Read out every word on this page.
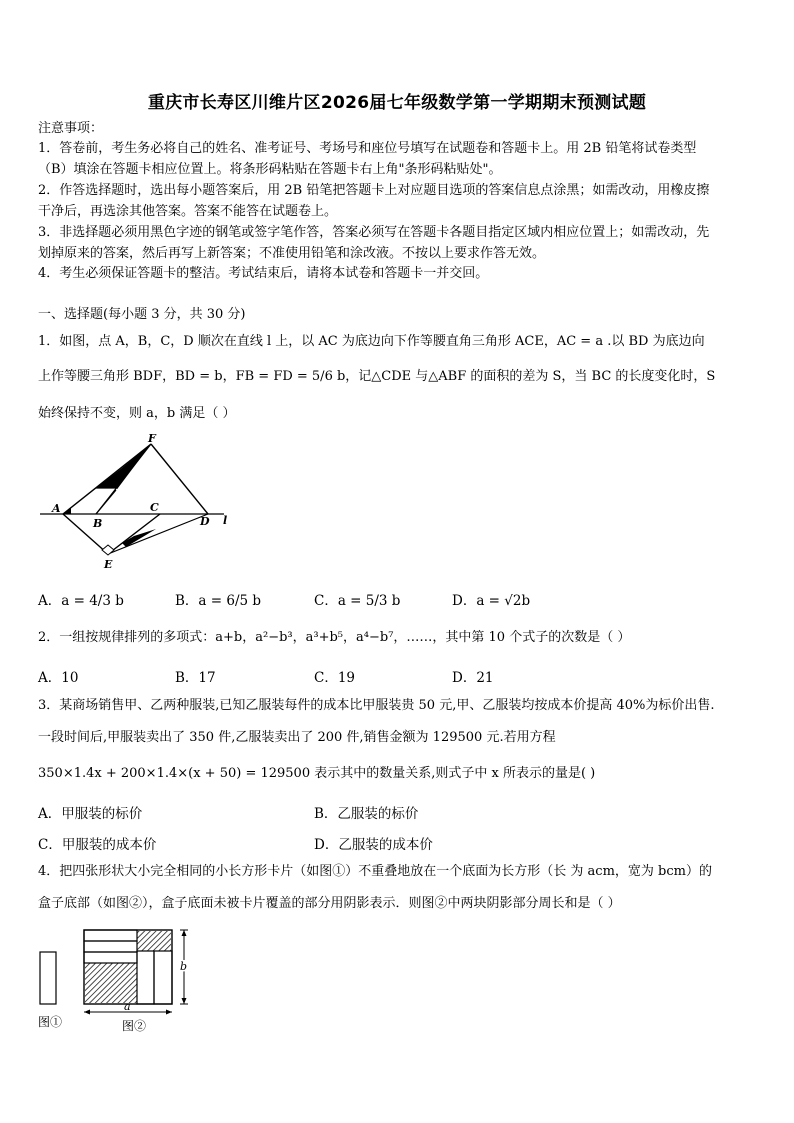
重庆市长寿区川维片区2026届七年级数学第一学期期末预测试题
注意事项：
1．答卷前，考生务必将自己的姓名、准考证号、考场号和座位号填写在试题卷和答题卡上。用 2B 铅笔将试卷类型
（B）填涂在答题卡相应位置上。将条形码粘贴在答题卡右上角"条形码粘贴处"。
2．作答选择题时，选出每小题答案后，用 2B 铅笔把答题卡上对应题目选项的答案信息点涂黑；如需改动，用橡皮擦
干净后，再选涂其他答案。答案不能答在试题卷上。
3．非选择题必须用黑色字迹的钢笔或签字笔作答，答案必须写在答题卡各题目指定区域内相应位置上；如需改动，先
划掉原来的答案，然后再写上新答案；不准使用铅笔和涂改液。不按以上要求作答无效。
4．考生必须保证答题卡的整洁。考试结束后，请将本试卷和答题卡一并交回。
一、选择题(每小题 3 分，共 30 分)
1．如图，点 A，B，C，D 顺次在直线 l 上，以 AC 为底边向下作等腰直角三角形 ACE，AC = a .以 BD 为底边向
上作等腰三角形 BDF，BD = b，FB = FD = 5/6 b，记△CDE 与△ABF 的面积的差为 S，当 BC 的长度变化时，S
始终保持不变，则 a，b 满足（ ）
A
B
C
D
E
F
l
A．a = 4/3 b	B．a = 6/5 b	C．a = 5/3 b	D．a = √2b
2．一组按规律排列的多项式：a+b，a²−b³，a³+b⁵，a⁴−b⁷，……，其中第 10 个式子的次数是（ ）
A．10	B．17	C．19	D．21
3．某商场销售甲、乙两种服装,已知乙服装每件的成本比甲服装贵 50 元,甲、乙服装均按成本价提高 40%为标价出售.
一段时间后,甲服装卖出了 350 件,乙服装卖出了 200 件,销售金额为 129500 元.若用方程
350×1.4x + 200×1.4×(x + 50) = 129500 表示其中的数量关系,则式子中 x 所表示的量是( )
A．甲服装的标价	B．乙服装的标价
C．甲服装的成本价	D．乙服装的成本价
4．把四张形状大小完全相同的小长方形卡片（如图①）不重叠地放在一个底面为长方形（长 为 acm，宽为 bcm）的
盒子底部（如图②），盒子底面未被卡片覆盖的部分用阴影表示．则图②中两块阴影部分周长和是（ ）
图①
b
a
图②
